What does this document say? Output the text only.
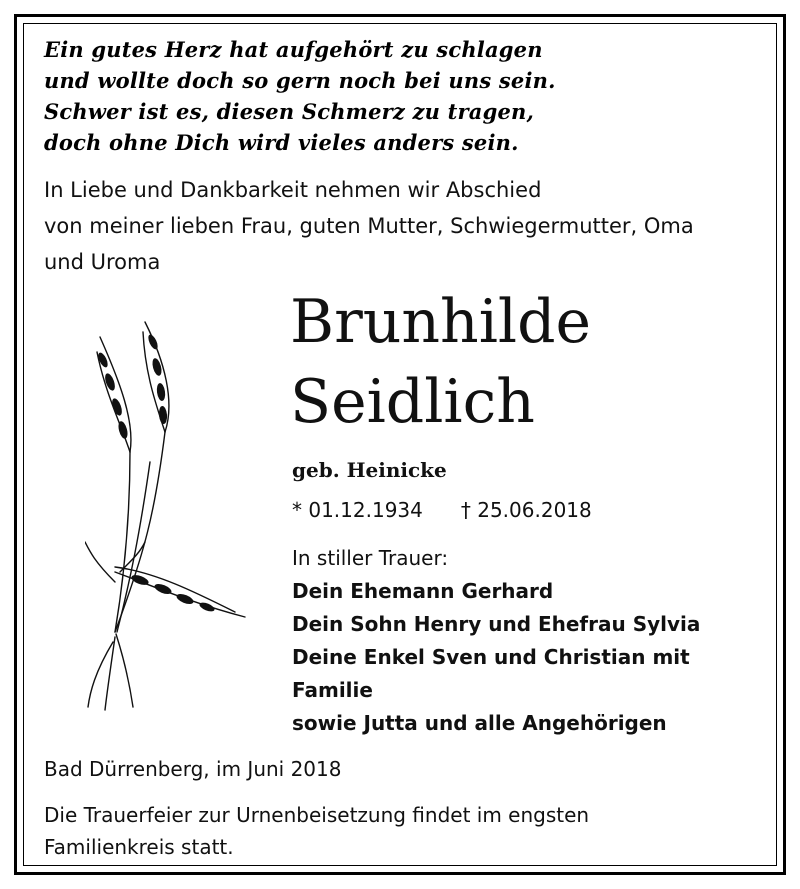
Ein gutes Herz hat aufgehört zu schlagen
und wollte doch so gern noch bei uns sein.
Schwer ist es, diesen Schmerz zu tragen,
doch ohne Dich wird vieles anders sein.
In Liebe und Dankbarkeit nehmen wir Abschied
von meiner lieben Frau, guten Mutter, Schwiegermutter, Oma
und Uroma
Brunhilde
Seidlich
geb. Heinicke
* 01.12.1934 † 25.06.2018
In stiller Trauer:
Dein Ehemann Gerhard
Dein Sohn Henry und Ehefrau Sylvia
Deine Enkel Sven und Christian mit
Familie
sowie Jutta und alle Angehörigen
Bad Dürrenberg, im Juni 2018
Die Trauerfeier zur Urnenbeisetzung findet im engsten
Familienkreis statt.
